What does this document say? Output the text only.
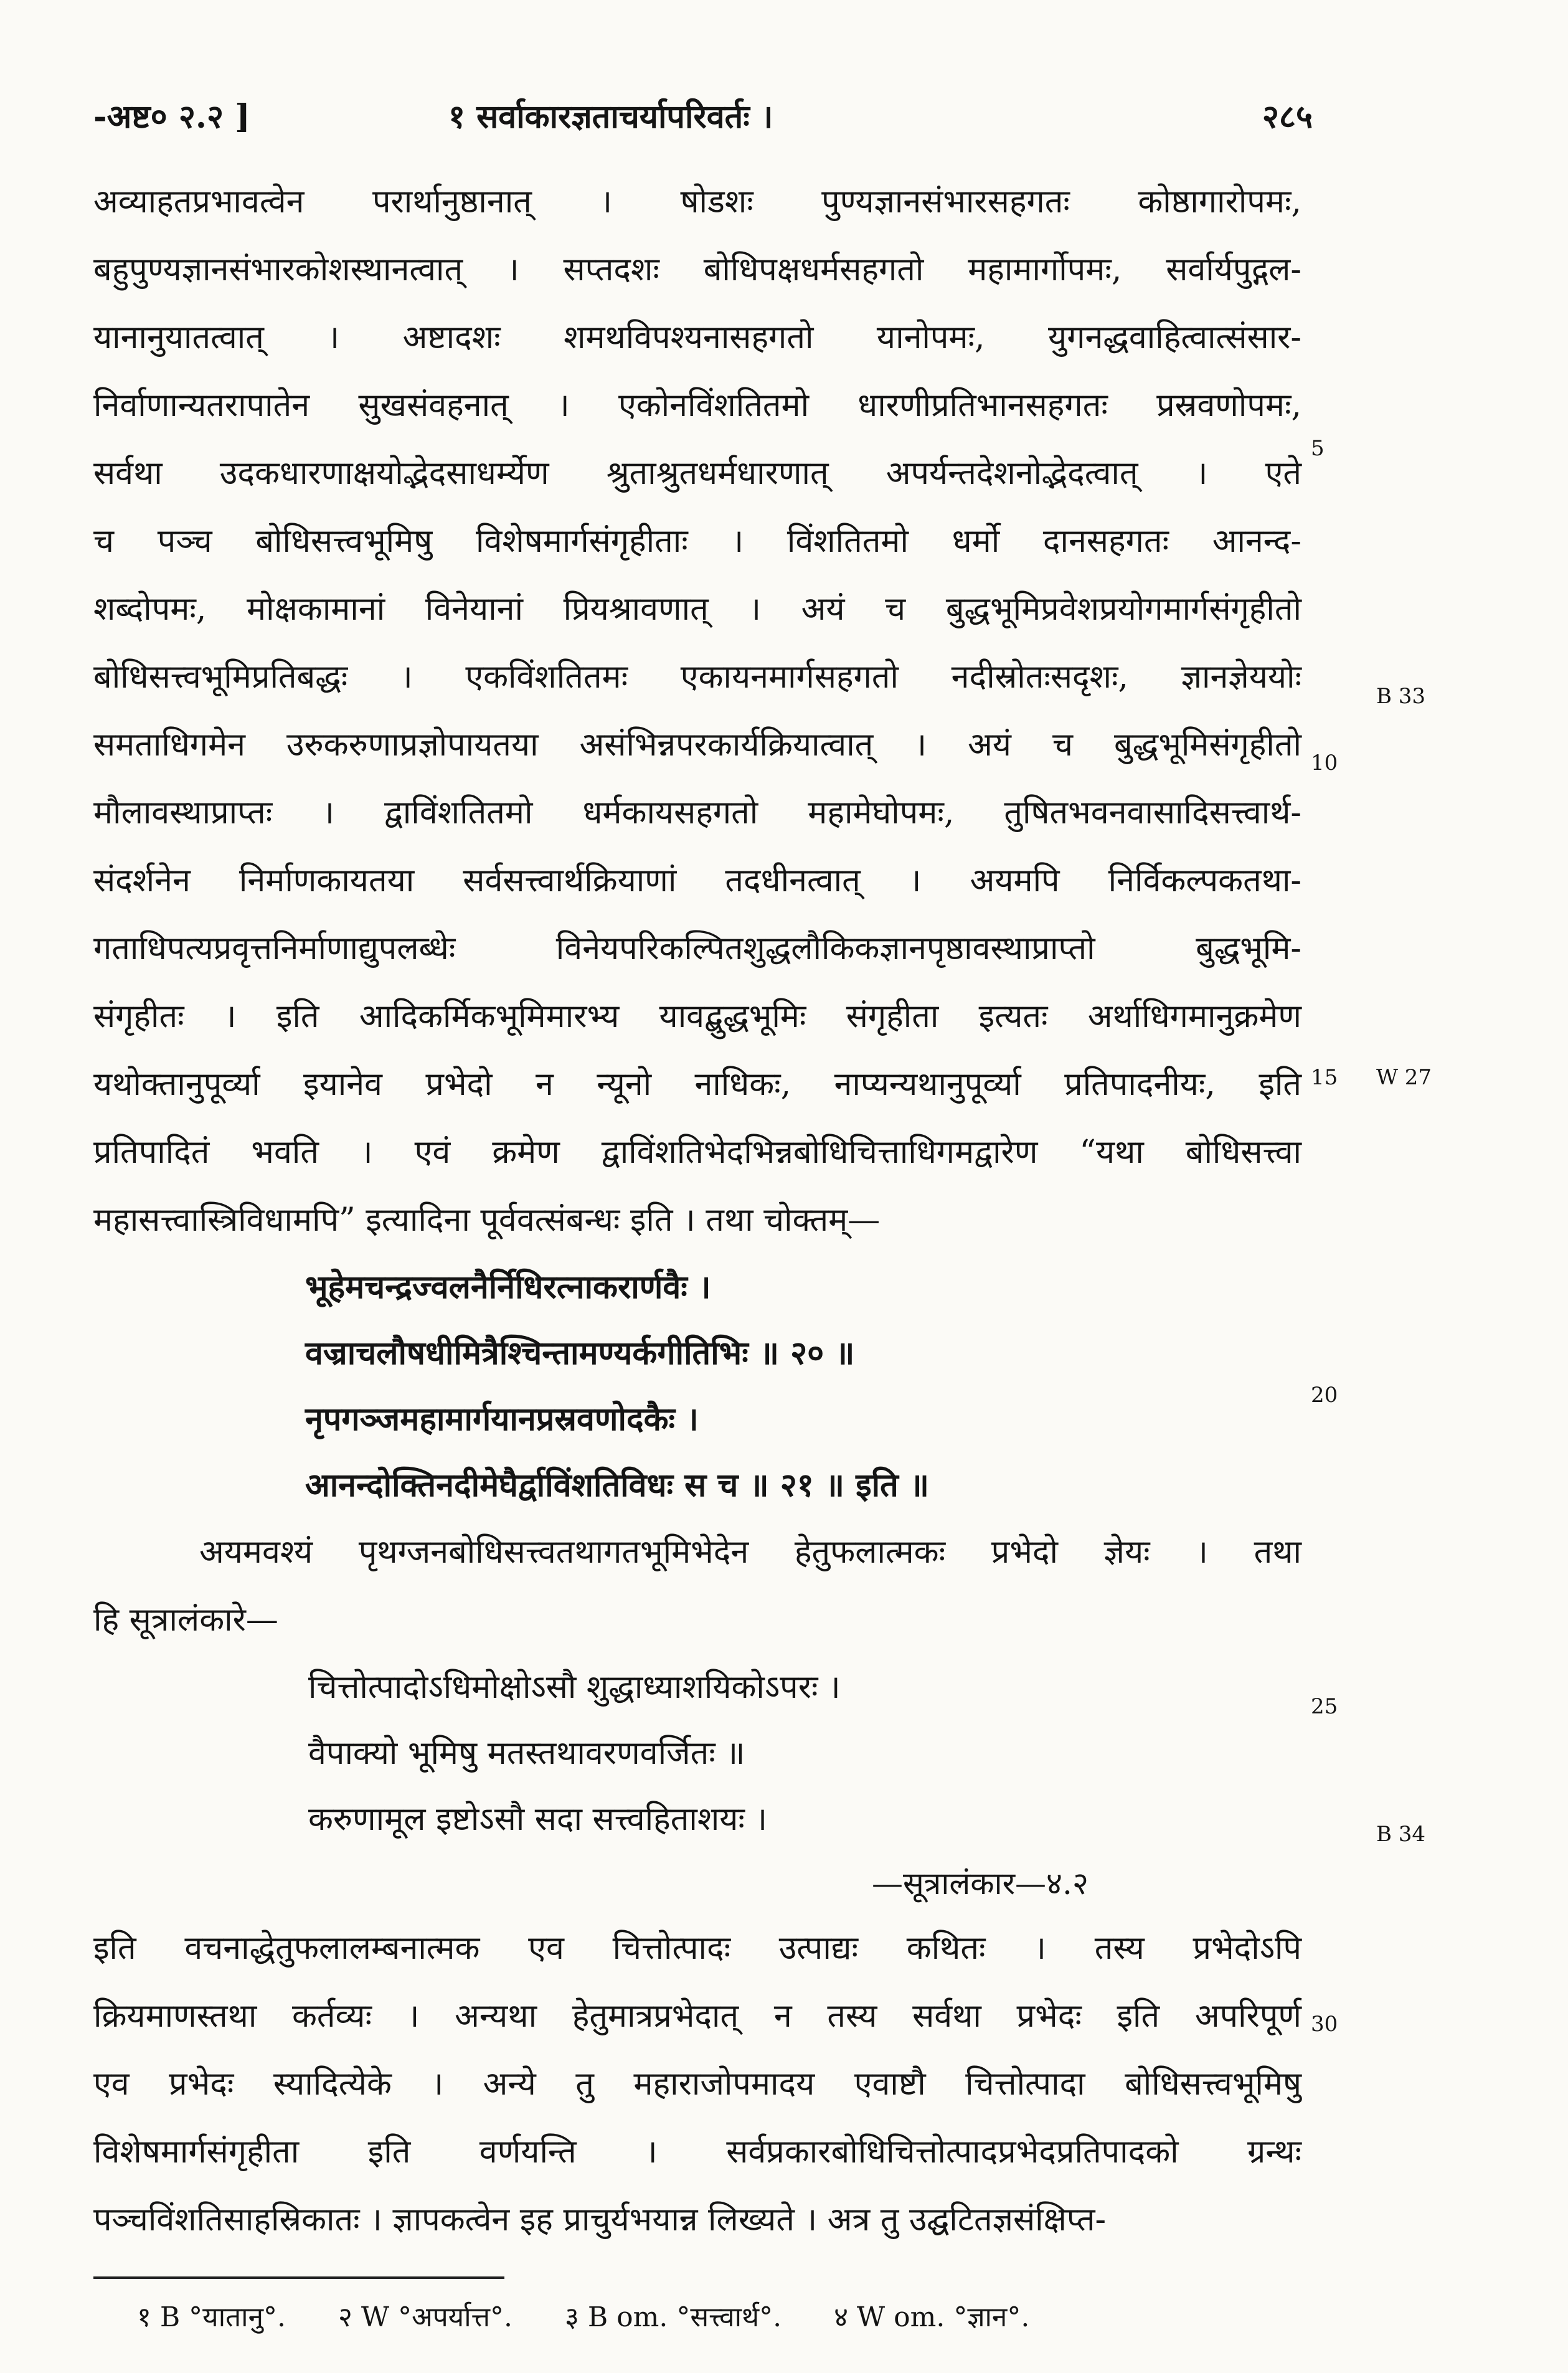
-अष्ट० २.२ ]	१ सर्वाकारज्ञताचर्यापरिवर्तः ।	२८५
अव्याहतप्रभावत्वेन परार्थानुष्ठानात् । षोडशः पुण्यज्ञानसंभारसहगतः कोष्ठागारोपमः,
बहुपुण्यज्ञानसंभारकोशस्थानत्वात् । सप्तदशः बोधिपक्षधर्मसहगतो महामार्गोपमः, सर्वार्यपुद्गल-
यानानुयातत्वात् । अष्टादशः शमथविपश्यनासहगतो यानोपमः, युगनद्धवाहित्वात्संसार-
निर्वाणान्यतरापातेन सुखसंवहनात् । एकोनविंशतितमो धारणीप्रतिभानसहगतः प्रस्रवणोपमः,
सर्वथा उदकधारणाक्षयोद्भेदसाधर्म्येण श्रुताश्रुतधर्मधारणात् अपर्यन्तदेशनोद्भेदत्वात् । एते
च पञ्च बोधिसत्त्वभूमिषु विशेषमार्गसंगृहीताः । विंशतितमो धर्मो दानसहगतः आनन्द-
शब्दोपमः, मोक्षकामानां विनेयानां प्रियश्रावणात् । अयं च बुद्धभूमिप्रवेशप्रयोगमार्गसंगृहीतो
बोधिसत्त्वभूमिप्रतिबद्धः । एकविंशतितमः एकायनमार्गसहगतो नदीस्रोतःसदृशः, ज्ञानज्ञेययोः
समताधिगमेन उरुकरुणाप्रज्ञोपायतया असंभिन्नपरकार्यक्रियात्वात् । अयं च बुद्धभूमिसंगृहीतो
मौलावस्थाप्राप्तः । द्वाविंशतितमो धर्मकायसहगतो महामेघोपमः, तुषितभवनवासादिसत्त्वार्थ-
संदर्शनेन निर्माणकायतया सर्वसत्त्वार्थक्रियाणां तदधीनत्वात् । अयमपि निर्विकल्पकतथा-
गताधिपत्यप्रवृत्तनिर्माणाद्युपलब्धेः विनेयपरिकल्पितशुद्धलौकिकज्ञानपृष्ठावस्थाप्राप्तो बुद्धभूमि-
संगृहीतः । इति आदिकर्मिकभूमिमारभ्य यावद्बुद्धभूमिः संगृहीता इत्यतः अर्थाधिगमानुक्रमेण
यथोक्तानुपूर्व्या इयानेव प्रभेदो न न्यूनो नाधिकः, नाप्यन्यथानुपूर्व्या प्रतिपादनीयः, इति
प्रतिपादितं भवति । एवं क्रमेण द्वाविंशतिभेदभिन्नबोधिचित्ताधिगमद्वारेण “यथा बोधिसत्त्वा
महासत्त्वास्त्रिविधामपि” इत्यादिना पूर्ववत्संबन्धः इति । तथा चोक्तम्—
भूहेमचन्द्रज्वलनैर्निधिरत्नाकरार्णवैः ।
वज्राचलौषधीमित्रैश्चिन्तामण्यर्कगीतिभिः ॥ २० ॥
नृपगञ्जमहामार्गयानप्रस्रवणोदकैः ।
आनन्दोक्तिनदीमेघैर्द्वाविंशतिविधः स च ॥ २१ ॥ इति ॥
अयमवश्यं पृथग्जनबोधिसत्त्वतथागतभूमिभेदेन हेतुफलात्मकः प्रभेदो ज्ञेयः । तथा
हि सूत्रालंकारे—
चित्तोत्पादोऽधिमोक्षोऽसौ शुद्धाध्याशयिकोऽपरः ।
वैपाक्यो भूमिषु मतस्तथावरणवर्जितः ॥
करुणामूल इष्टोऽसौ सदा सत्त्वहिताशयः ।
—सूत्रालंकार—४.२
इति वचनाद्धेतुफलालम्बनात्मक एव चित्तोत्पादः उत्पाद्यः कथितः । तस्य प्रभेदोऽपि
क्रियमाणस्तथा कर्तव्यः । अन्यथा हेतुमात्रप्रभेदात् न तस्य सर्वथा प्रभेदः इति अपरिपूर्ण
एव प्रभेदः स्यादित्येके । अन्ये तु महाराजोपमादय एवाष्टौ चित्तोत्पादा बोधिसत्त्वभूमिषु
विशेषमार्गसंगृहीता इति वर्णयन्ति । सर्वप्रकारबोधिचित्तोत्पादप्रभेदप्रतिपादको ग्रन्थः
पञ्चविंशतिसाहस्रिकातः । ज्ञापकत्वेन इह प्राचुर्यभयान्न लिख्यते । अत्र तु उद्घटितज्ञसंक्षिप्त-
5
10
15
20
25
30
B 33
W 27
B 34
१ B °यातानु°. २ W °अपर्यात्त°. ३ B om. °सत्त्वार्थ°. ४ W om. °ज्ञान°.
